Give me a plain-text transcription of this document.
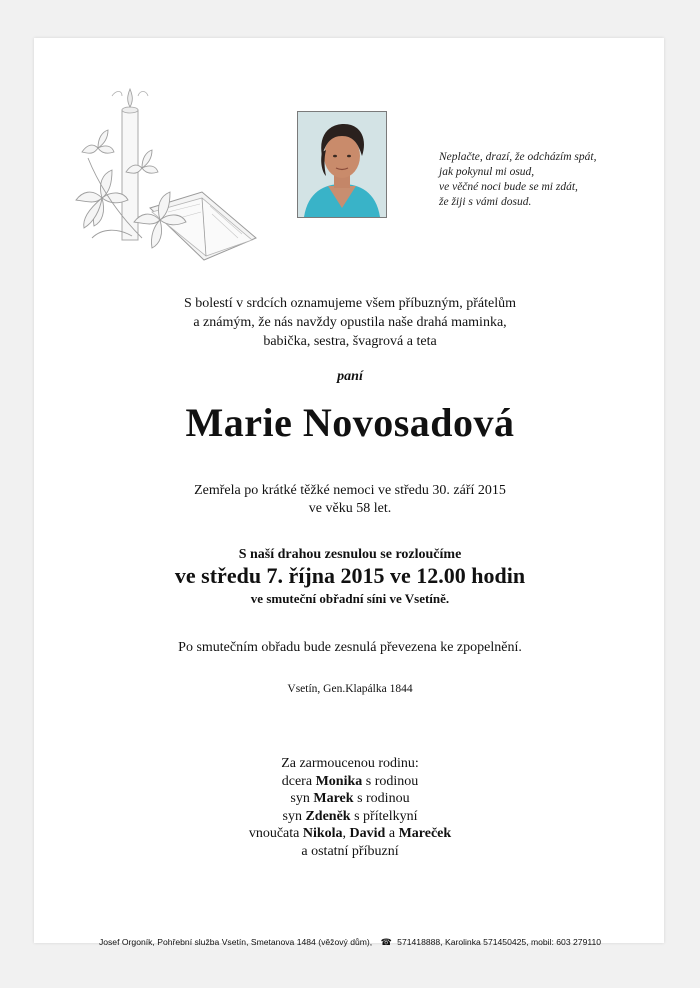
Neplačte, drazí, že odcházím spát,
jak pokynul mi osud,
ve věčné noci bude se mi zdát,
že žiji s vámi dosud.
S bolestí v srdcích oznamujeme všem příbuzným, přátelům
a známým, že nás navždy opustila naše drahá maminka,
babička, sestra, švagrová a teta
paní
Marie Novosadová
Zemřela po krátké těžké nemoci ve středu 30. září 2015
ve věku 58 let.
S naší drahou zesnulou se rozloučíme
ve středu 7. října 2015 ve 12.00 hodin
ve smuteční obřadní síni ve Vsetíně.
Po smutečním obřadu bude zesnulá převezena ke zpopelnění.
Vsetín, Gen.Klapálka 1844
Za zarmoucenou rodinu:
dcera Monika s rodinou
syn Marek s rodinou
syn Zdeněk s přítelkyní
vnoučata Nikola, David a Mareček
a ostatní příbuzní
Josef Orgoník, Pohřební služba Vsetín, Smetanova 1484 (věžový dům), ☎ 571418888, Karolinka 571450425, mobil: 603 279110
